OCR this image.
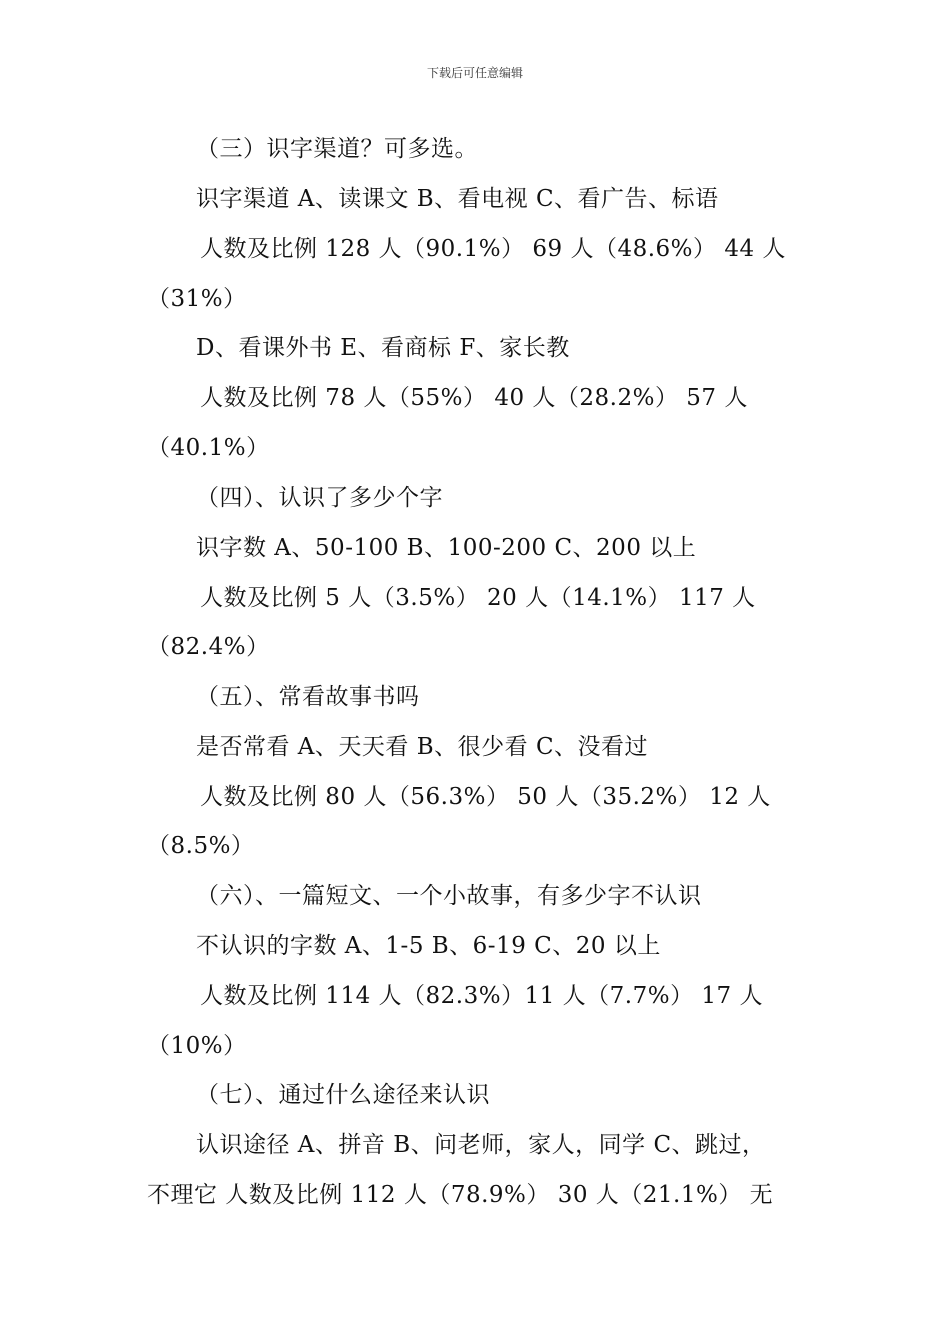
下载后可任意编辑
（三）识字渠道？可多选。
识字渠道 A、读课文 B、看电视 C、看广告、标语
人数及比例 128 人（90.1%） 69 人（48.6%） 44 人
（31%）
D、看课外书 E、看商标 F、家长教
人数及比例 78 人（55%） 40 人（28.2%） 57 人
（40.1%）
（四）、认识了多少个字
识字数 A、50-100 B、100-200 C、200 以上
人数及比例 5 人（3.5%） 20 人（14.1%） 117 人
（82.4%）
（五）、常看故事书吗
是否常看 A、天天看 B、很少看 C、没看过
人数及比例 80 人（56.3%） 50 人（35.2%） 12 人
（8.5%）
（六）、一篇短文、一个小故事，有多少字不认识
不认识的字数 A、1-5 B、6-19 C、20 以上
人数及比例 114 人（82.3%）11 人（7.7%） 17 人
（10%）
（七）、通过什么途径来认识
认识途径 A、拼音 B、问老师，家人，同学 C、跳过，
不理它 人数及比例 112 人（78.9%） 30 人（21.1%） 无
